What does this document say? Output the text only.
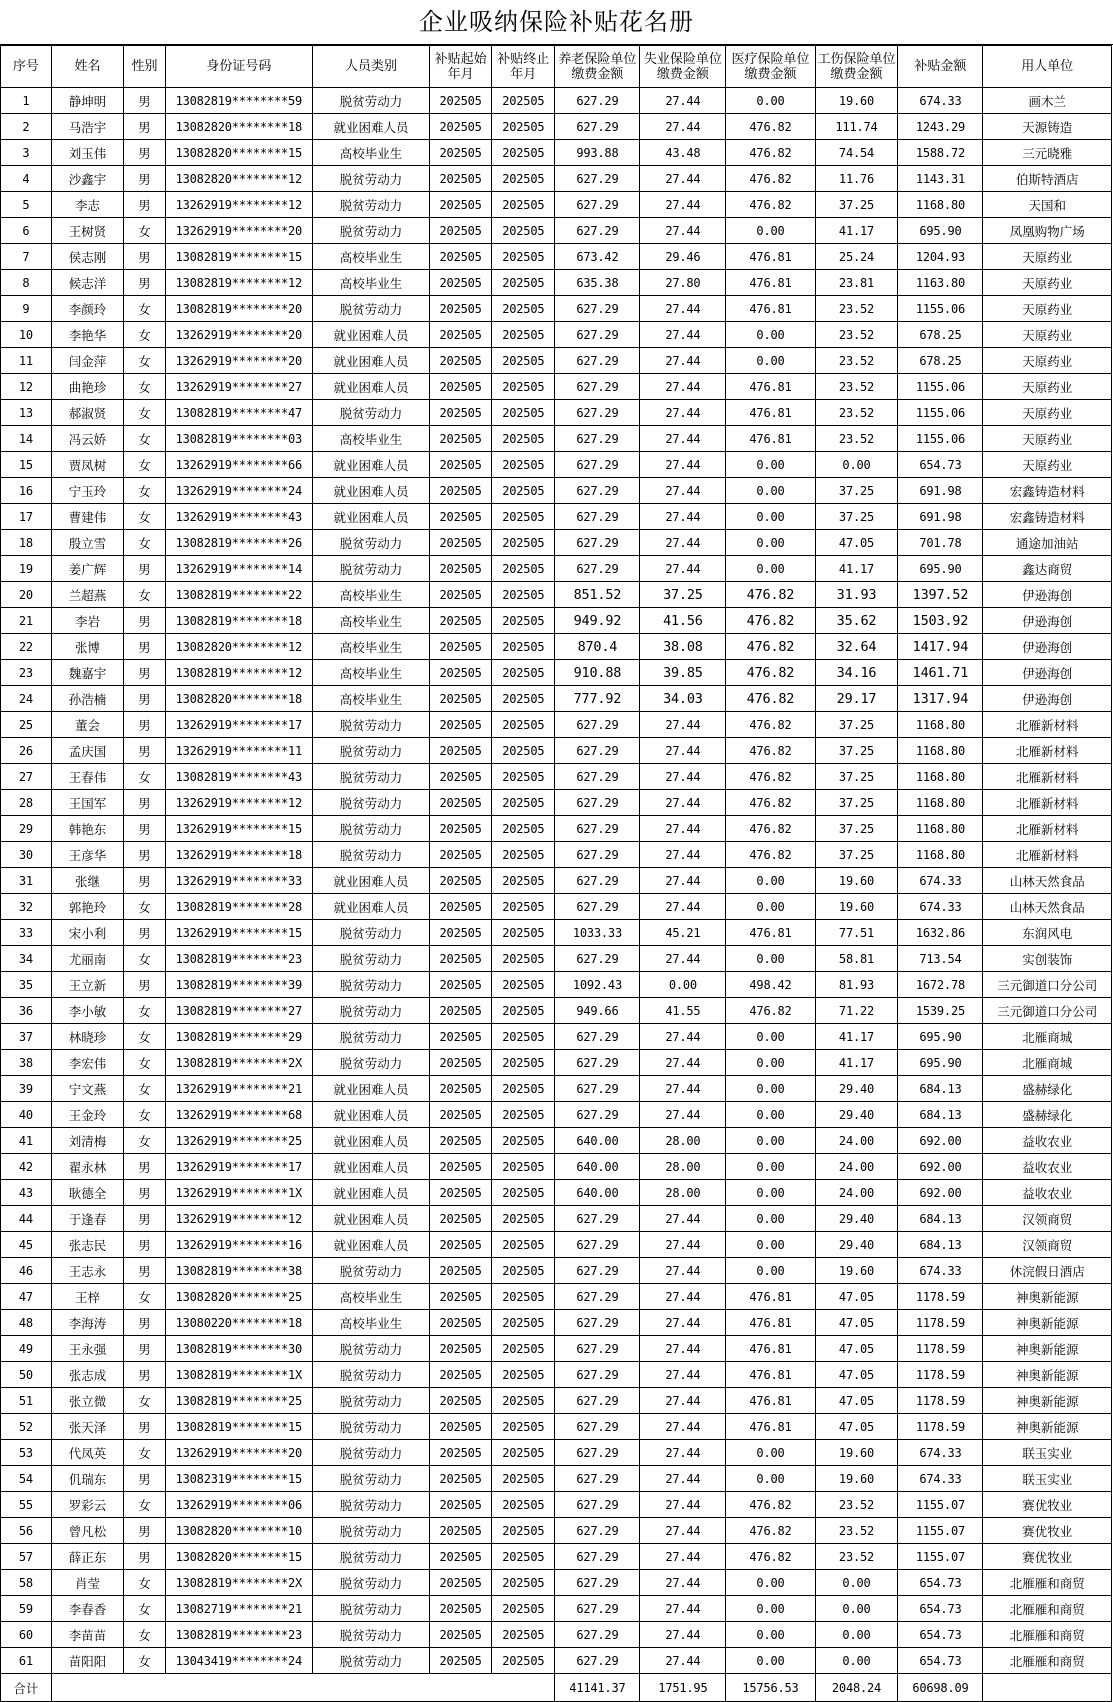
企业吸纳保险补贴花名册
序号	姓名	性别	身份证号码	人员类别	补贴起始年月	补贴终止年月	养老保险单位缴费金额	失业保险单位缴费金额	医疗保险单位缴费金额	工伤保险单位缴费金额	补贴金额	用人单位
1	静坤明	男	13082819********59	脱贫劳动力	202505	202505	627.29	27.44	0.00	19.60	674.33	画木兰
2	马浩宇	男	13082820********18	就业困难人员	202505	202505	627.29	27.44	476.82	111.74	1243.29	天源铸造
3	刘玉伟	男	13082820********15	高校毕业生	202505	202505	993.88	43.48	476.82	74.54	1588.72	三元晓雅
4	沙鑫宇	男	13082820********12	脱贫劳动力	202505	202505	627.29	27.44	476.82	11.76	1143.31	伯斯特酒店
5	李志	男	13262919********12	脱贫劳动力	202505	202505	627.29	27.44	476.82	37.25	1168.80	天国和
6	王树贤	女	13262919********20	脱贫劳动力	202505	202505	627.29	27.44	0.00	41.17	695.90	凤凰购物广场
7	侯志刚	男	13082819********15	高校毕业生	202505	202505	673.42	29.46	476.81	25.24	1204.93	天原药业
8	候志洋	男	13082819********12	高校毕业生	202505	202505	635.38	27.80	476.81	23.81	1163.80	天原药业
9	李颜玲	女	13082819********20	脱贫劳动力	202505	202505	627.29	27.44	476.81	23.52	1155.06	天原药业
10	李艳华	女	13262919********20	就业困难人员	202505	202505	627.29	27.44	0.00	23.52	678.25	天原药业
11	闫金萍	女	13262919********20	就业困难人员	202505	202505	627.29	27.44	0.00	23.52	678.25	天原药业
12	曲艳珍	女	13262919********27	就业困难人员	202505	202505	627.29	27.44	476.81	23.52	1155.06	天原药业
13	郝淑贤	女	13082819********47	脱贫劳动力	202505	202505	627.29	27.44	476.81	23.52	1155.06	天原药业
14	冯云娇	女	13082819********03	高校毕业生	202505	202505	627.29	27.44	476.81	23.52	1155.06	天原药业
15	贾凤树	女	13262919********66	就业困难人员	202505	202505	627.29	27.44	0.00	0.00	654.73	天原药业
16	宁玉玲	女	13262919********24	就业困难人员	202505	202505	627.29	27.44	0.00	37.25	691.98	宏鑫铸造材料
17	曹建伟	女	13262919********43	就业困难人员	202505	202505	627.29	27.44	0.00	37.25	691.98	宏鑫铸造材料
18	殷立雪	女	13082819********26	脱贫劳动力	202505	202505	627.29	27.44	0.00	47.05	701.78	通途加油站
19	姜广辉	男	13262919********14	脱贫劳动力	202505	202505	627.29	27.44	0.00	41.17	695.90	鑫达商贸
20	兰超燕	女	13082819********22	高校毕业生	202505	202505	851.52	37.25	476.82	31.93	1397.52	伊逊海创
21	李岩	男	13082819********18	高校毕业生	202505	202505	949.92	41.56	476.82	35.62	1503.92	伊逊海创
22	张博	男	13082820********12	高校毕业生	202505	202505	870.4	38.08	476.82	32.64	1417.94	伊逊海创
23	魏嘉宇	男	13082819********12	高校毕业生	202505	202505	910.88	39.85	476.82	34.16	1461.71	伊逊海创
24	孙浩楠	男	13082820********18	高校毕业生	202505	202505	777.92	34.03	476.82	29.17	1317.94	伊逊海创
25	董会	男	13262919********17	脱贫劳动力	202505	202505	627.29	27.44	476.82	37.25	1168.80	北雁新材料
26	孟庆国	男	13262919********11	脱贫劳动力	202505	202505	627.29	27.44	476.82	37.25	1168.80	北雁新材料
27	王春伟	女	13082819********43	脱贫劳动力	202505	202505	627.29	27.44	476.82	37.25	1168.80	北雁新材料
28	王国军	男	13262919********12	脱贫劳动力	202505	202505	627.29	27.44	476.82	37.25	1168.80	北雁新材料
29	韩艳东	男	13262919********15	脱贫劳动力	202505	202505	627.29	27.44	476.82	37.25	1168.80	北雁新材料
30	王彦华	男	13262919********18	脱贫劳动力	202505	202505	627.29	27.44	476.82	37.25	1168.80	北雁新材料
31	张继	男	13262919********33	就业困难人员	202505	202505	627.29	27.44	0.00	19.60	674.33	山林天然食品
32	郭艳玲	女	13082819********28	就业困难人员	202505	202505	627.29	27.44	0.00	19.60	674.33	山林天然食品
33	宋小利	男	13262919********15	脱贫劳动力	202505	202505	1033.33	45.21	476.81	77.51	1632.86	东润风电
34	尤丽南	女	13082819********23	脱贫劳动力	202505	202505	627.29	27.44	0.00	58.81	713.54	实创装饰
35	王立新	男	13082819********39	脱贫劳动力	202505	202505	1092.43	0.00	498.42	81.93	1672.78	三元御道口分公司
36	李小敏	女	13082819********27	脱贫劳动力	202505	202505	949.66	41.55	476.82	71.22	1539.25	三元御道口分公司
37	林晓珍	女	13082819********29	脱贫劳动力	202505	202505	627.29	27.44	0.00	41.17	695.90	北雁商城
38	李宏伟	女	13082819********2X	脱贫劳动力	202505	202505	627.29	27.44	0.00	41.17	695.90	北雁商城
39	宁文燕	女	13262919********21	就业困难人员	202505	202505	627.29	27.44	0.00	29.40	684.13	盛赫绿化
40	王金玲	女	13262919********68	就业困难人员	202505	202505	627.29	27.44	0.00	29.40	684.13	盛赫绿化
41	刘清梅	女	13262919********25	就业困难人员	202505	202505	640.00	28.00	0.00	24.00	692.00	益收农业
42	翟永林	男	13262919********17	就业困难人员	202505	202505	640.00	28.00	0.00	24.00	692.00	益收农业
43	耿德全	男	13262919********1X	就业困难人员	202505	202505	640.00	28.00	0.00	24.00	692.00	益收农业
44	于逢春	男	13262919********12	就业困难人员	202505	202505	627.29	27.44	0.00	29.40	684.13	汉领商贸
45	张志民	男	13262919********16	就业困难人员	202505	202505	627.29	27.44	0.00	29.40	684.13	汉领商贸
46	王志永	男	13082819********38	脱贫劳动力	202505	202505	627.29	27.44	0.00	19.60	674.33	休浣假日酒店
47	王梓	女	13082820********25	高校毕业生	202505	202505	627.29	27.44	476.81	47.05	1178.59	神奥新能源
48	李海涛	男	13080220********18	高校毕业生	202505	202505	627.29	27.44	476.81	47.05	1178.59	神奥新能源
49	王永强	男	13082819********30	脱贫劳动力	202505	202505	627.29	27.44	476.81	47.05	1178.59	神奥新能源
50	张志成	男	13082819********1X	脱贫劳动力	202505	202505	627.29	27.44	476.81	47.05	1178.59	神奥新能源
51	张立微	女	13082819********25	脱贫劳动力	202505	202505	627.29	27.44	476.81	47.05	1178.59	神奥新能源
52	张天泽	男	13082819********15	脱贫劳动力	202505	202505	627.29	27.44	476.81	47.05	1178.59	神奥新能源
53	代凤英	女	13262919********20	脱贫劳动力	202505	202505	627.29	27.44	0.00	19.60	674.33	联玉实业
54	仉瑞东	男	13082319********15	脱贫劳动力	202505	202505	627.29	27.44	0.00	19.60	674.33	联玉实业
55	罗彩云	女	13262919********06	脱贫劳动力	202505	202505	627.29	27.44	476.82	23.52	1155.07	赛优牧业
56	曾凡松	男	13082820********10	脱贫劳动力	202505	202505	627.29	27.44	476.82	23.52	1155.07	赛优牧业
57	薛正东	男	13082820********15	脱贫劳动力	202505	202505	627.29	27.44	476.82	23.52	1155.07	赛优牧业
58	肖莹	女	13082819********2X	脱贫劳动力	202505	202505	627.29	27.44	0.00	0.00	654.73	北雁雁和商贸
59	李春香	女	13082719********21	脱贫劳动力	202505	202505	627.29	27.44	0.00	0.00	654.73	北雁雁和商贸
60	李苗苗	女	13082819********23	脱贫劳动力	202505	202505	627.29	27.44	0.00	0.00	654.73	北雁雁和商贸
61	苗阳阳	女	13043419********24	脱贫劳动力	202505	202505	627.29	27.44	0.00	0.00	654.73	北雁雁和商贸
合计							41141.37	1751.95	15756.53	2048.24	60698.09	
